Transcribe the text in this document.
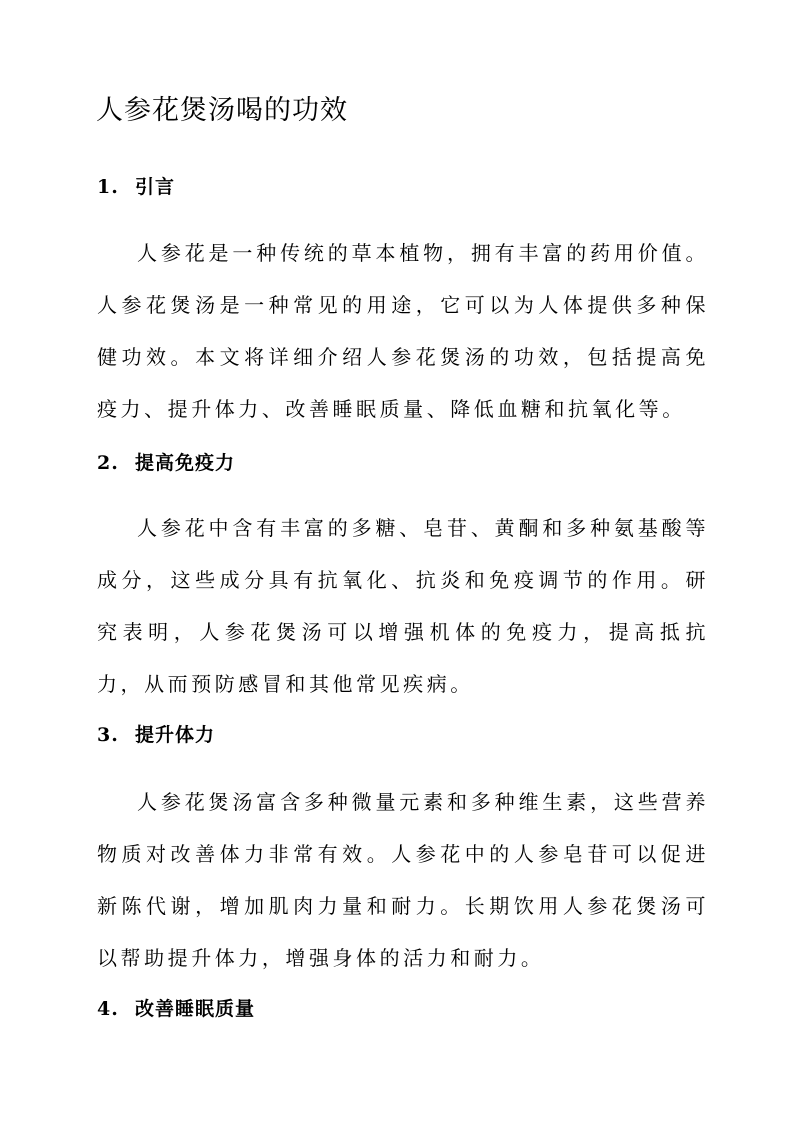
人参花煲汤喝的功效
1. 引言

人参花是一种传统的草本植物，拥有丰富的药用价值。人参花煲汤是一种常见的用途，它可以为人体提供多种保健功效。本文将详细介绍人参花煲汤的功效，包括提高免疫力、提升体力、改善睡眠质量、降低血糖和抗氧化等。

2. 提高免疫力

人参花中含有丰富的多糖、皂苷、黄酮和多种氨基酸等成分，这些成分具有抗氧化、抗炎和免疫调节的作用。研究表明，人参花煲汤可以增强机体的免疫力，提高抵抗力，从而预防感冒和其他常见疾病。

3. 提升体力

人参花煲汤富含多种微量元素和多种维生素，这些营养物质对改善体力非常有效。人参花中的人参皂苷可以促进新陈代谢，增加肌肉力量和耐力。长期饮用人参花煲汤可以帮助提升体力，增强身体的活力和耐力。

4. 改善睡眠质量
